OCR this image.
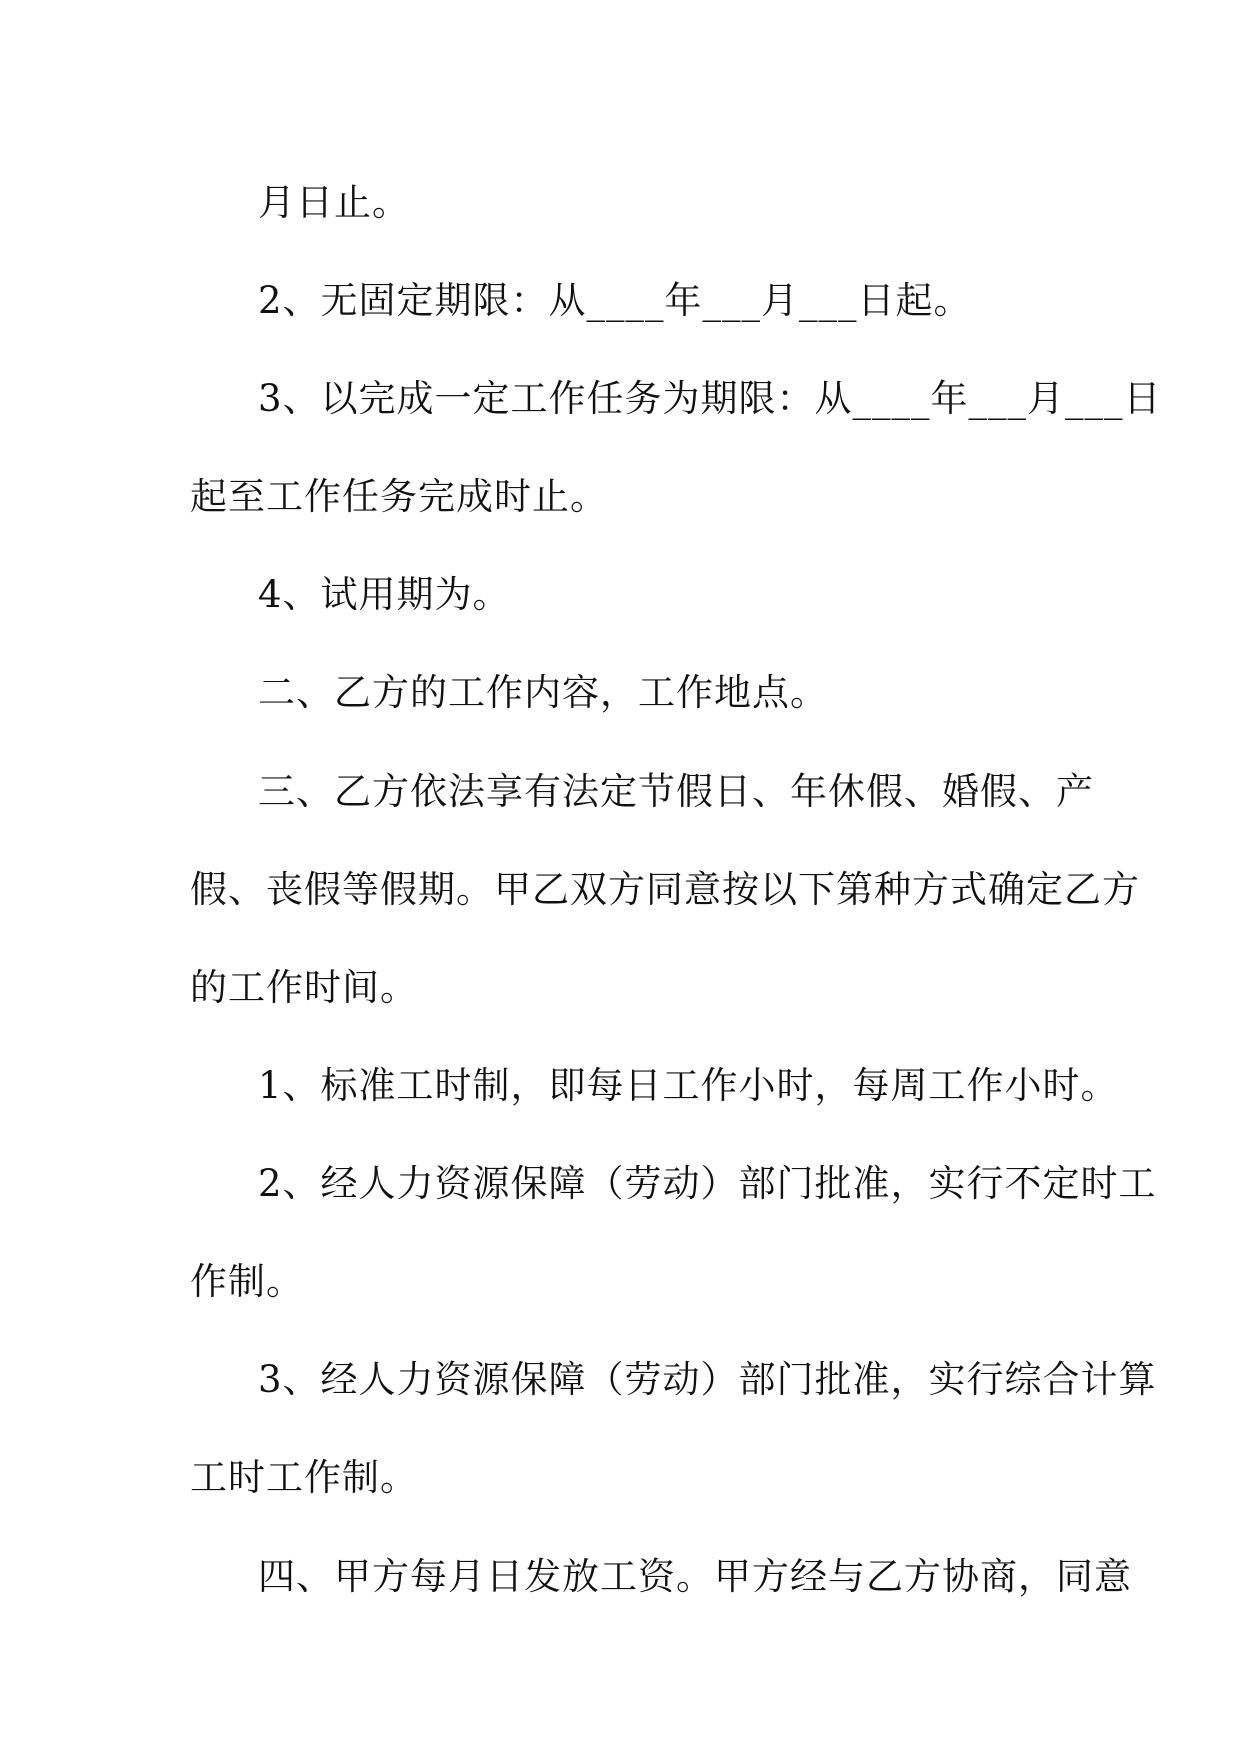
月日止。
2、无固定期限：从____年___月___日起。
3、以完成一定工作任务为期限：从____年___月___日
起至工作任务完成时止。
4、试用期为。
二、乙方的工作内容，工作地点。
三、乙方依法享有法定节假日、年休假、婚假、产
假、丧假等假期。甲乙双方同意按以下第种方式确定乙方
的工作时间。
1、标准工时制，即每日工作小时，每周工作小时。
2、经人力资源保障（劳动）部门批准，实行不定时工
作制。
3、经人力资源保障（劳动）部门批准，实行综合计算
工时工作制。
四、甲方每月日发放工资。甲方经与乙方协商，同意
